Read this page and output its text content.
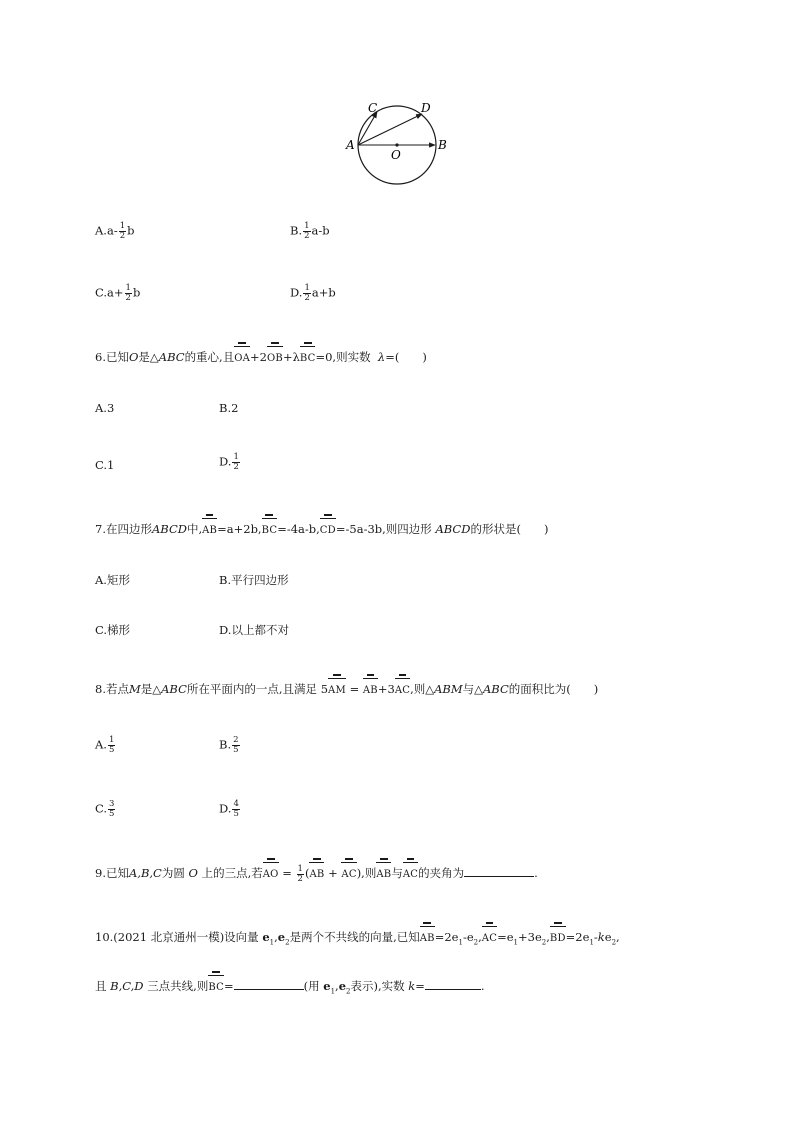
A	B
C	D
O
$A.a- \frac{1}{2}$ b	B. $\frac{1}{2} a-b$
$C.a+ \frac{1}{2}$ b	D. $\frac{1}{2} a+b$
6.已知O是△ABC的重心,且OA+2OB+λBC=0,则实数 λ=(　　)
A.3	B.2
C.1	D. $\frac{1}{2}$
7.在四边形ABCD中,AB=a+2b,BC=-4a-b,CD=-5a-3b,则四边形 ABCD的形状是(　　)
A.矩形	B.平行四边形
C.梯形	D.以上都不对
8.若点M是△ABC所在平面内的一点,且满足 5AM = AB+3AC,则△ABM与△ABC的面积比为(　　)
A. $\frac{1}{5}$	B. $\frac{2}{5}$
C. $\frac{3}{5}$	D. $\frac{4}{5}$
9.已知A,B,C为圆 O 上的三点,若AO = $\frac{1}{2} (AB + AC)$,则AB与AC的夹角为	.
10.(2021 北京通州一模)设向量 $e_1,e_2$是两个不共线的向量,已知$AB=2e_1-e_2,AC=e_1+3e_2,BD=2e_1-ke_2$,
且 B,C,D 三点共线,则BC=	(用 $e_1,e_2$表示),实数 k=	.
